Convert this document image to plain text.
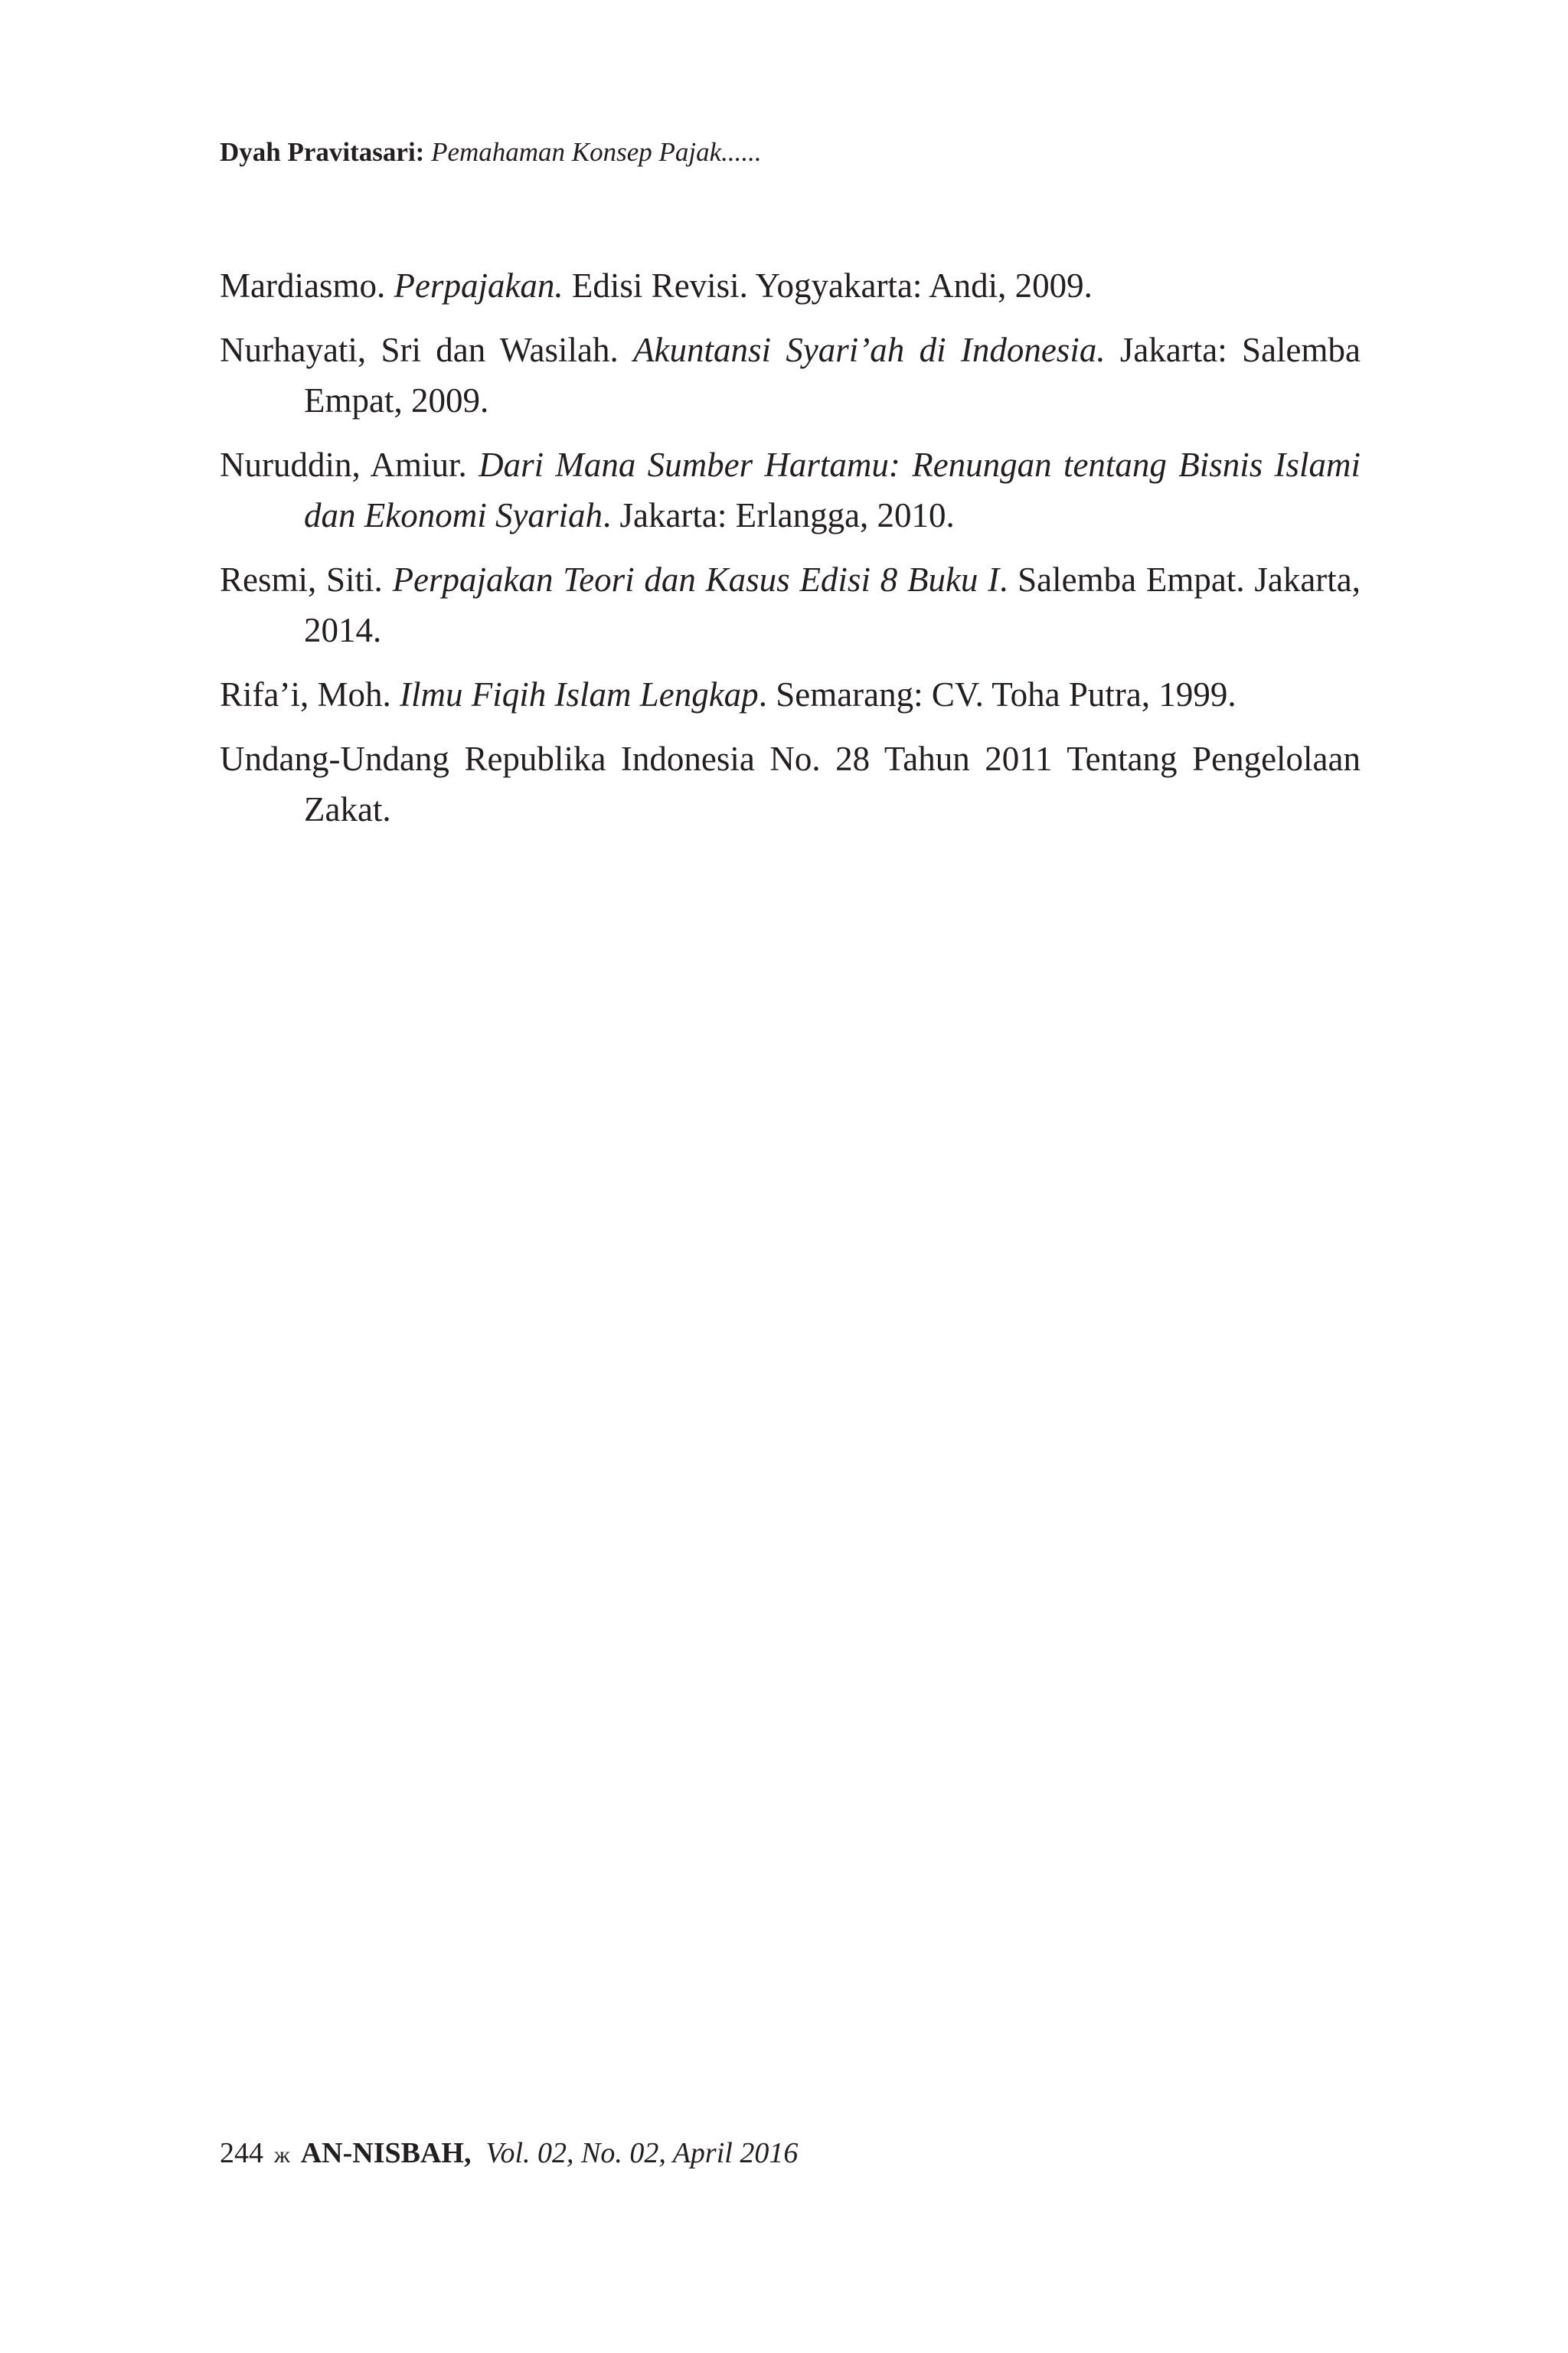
Dyah Pravitasari: Pemahaman Konsep Pajak......

Mardiasmo. Perpajakan. Edisi Revisi. Yogyakarta: Andi, 2009.

Nurhayati, Sri dan Wasilah. Akuntansi Syari’ah di Indonesia. Jakarta: Salemba Empat, 2009.

Nuruddin, Amiur. Dari Mana Sumber Hartamu: Renungan tentang Bisnis Islami dan Ekonomi Syariah. Jakarta: Erlangga, 2010.

Resmi, Siti. Perpajakan Teori dan Kasus Edisi 8 Buku I. Salemba Empat. Jakarta, 2014.

Rifa’i, Moh. Ilmu Fiqih Islam Lengkap. Semarang: CV. Toha Putra, 1999.

Undang-Undang Republika Indonesia No. 28 Tahun 2011 Tentang Pengelolaan Zakat.

244 ж AN-NISBAH, Vol. 02, No. 02, April 2016
